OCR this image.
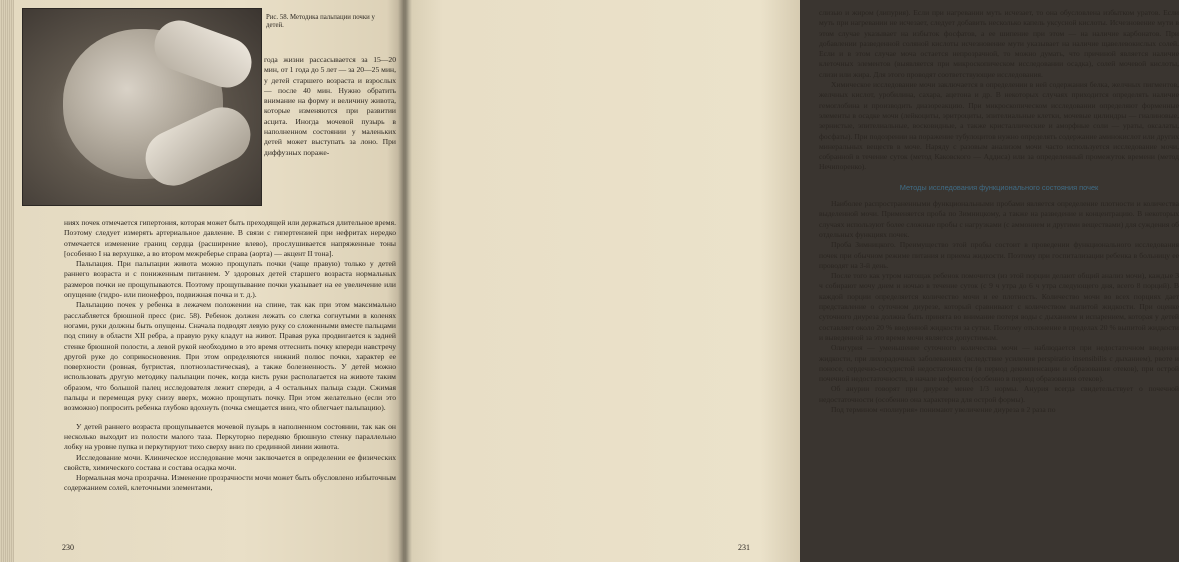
Рис. 58. Методика пальпации почки у детей.

года жизни рассасывается за 15—20 мин, от 1 года до 5 лет — за 20—25 мин, у детей старшего возраста и взрослых — после 40 мин. Нужно обратить внимание на форму и величину живота, которые изменяются при развитии асцита. Иногда мочевой пузырь в наполненном состоянии у маленьких детей может выступать за лоно. При диффузных пораже-

ниях почек отмечается гипертония, которая может быть преходящей или держаться длительное время. Поэтому следует измерять артериальное давление. В связи с гипертензией при нефритах нередко отмечается изменение границ сердца (расширение влево), прослушивается напряженные тоны [особенно I на верхушке, а во втором межреберье справа (аорта) — акцент II тона].

Пальпация. При пальпации живота можно прощупать почки (чаще правую) только у детей раннего возраста и с пониженным питанием. У здоровых детей старшего возраста нормальных размеров почки не прощупываются. Поэтому прощупывание почки указывает на ее увеличение или опущение (гидро- или пионефроз, подвижная почка и т. д.).

Пальпацию почек у ребенка в лежачем положении на спине, так как при этом максимально расслабляется брюшной пресс (рис. 58). Ребенок должен лежать со слегка согнутыми в коленях ногами, руки должны быть опущены. Сначала подводят левую руку со сложенными вместе пальцами под спину в области XII ребра, а правую руку кладут на живот. Правая рука продвигается к задней стенке брюшной полости, а левой рукой необходимо в это время оттеснить почку кпереди навстречу другой руке до соприкосновения. При этом определяются нижний полюс почки, характер ее поверхности (ровная, бугристая, плотноэластическая), а также болезненность. У детей можно использовать другую методику пальпации почек, когда кисть руки располагается на животе таким образом, что большой палец исследователя лежит спереди, а 4 остальных пальца сзади. Сжимая пальцы и перемещая руку снизу вверх, можно прощупать почку. При этом желательно (если это возможно) попросить ребенка глубоко вдохнуть (почка смещается вниз, что облегчает пальпацию).

У детей раннего возраста прощупывается мочевой пузырь в наполненном состоянии, так как он несколько выходит из полости малого таза. Перкуторно передняю брюшную стенку параллельно лобку на уровне пупка и перкутируют тихо сверху вниз по срединной линии живота.

Исследование мочи. Клиническое исследование мочи заключается в определении ее физических свойств, химического состава и состава осадка мочи.

Нормальная моча прозрачна. Изменение прозрачности мочи может быть обусловлено избыточным содержанием солей, клеточными элементами,

230

слизью и жиром (липурия). Если при нагревании муть исчезает, то она обусловлена избытком уратов. Если муть при нагревании не исчезает, следует добавить несколько капель уксусной кислоты. Исчезновение мути в этом случае указывает на избыток фосфатов, а ее шипение при этом — на наличие карбонатов. При добавлении разведенной соляной кислоты исчезновение мути указывает на наличие щавелевокислых солей. Если и в этом случае моча остается непрозрачной, то можно думать, что причиной является наличие клеточных элементов (выявляется при микроскопическом исследовании осадка), солей мочевой кислоты, слизи или жира. Для этого проводят соответствующие исследования.

Химическое исследование мочи заключается в определении в ней содержания белка, желчных пигментов, желчных кислот, уробилина, сахара, ацетона и др. В некоторых случаях приходится определять наличие гемоглобина и производить диазореакцию. При микроскопическом исследовании определяют форменные элементы в осадке мочи (лейкоциты, эритроциты, эпителиальные клетки, мочевые цилиндры — гиалиновые, зернистые, эпителиальные, восковидные, а также кристаллические и аморфные соли — ураты, оксалаты, фосфаты). При подозрении на поражение тубулоцитов нужно определять содержание аминокислот или других минеральных веществ в моче. Наряду с разовым анализом мочи часто используется исследование мочи, собранной в течение суток (метод Каковского — Аддиса) или за определенный промежуток времени (метод Нечипоренко).

Методы исследования функционального состояния почек

Наиболее распространенными функциональными пробами является определение плотности и количества выделенной мочи. Применяется проба по Зимницкому, а также на разведение и концентрацию. В некоторых случаях используют более сложные пробы с нагрузками (с аммонием и другими веществами) для суждения об отдельных функциях почек.

Проба Зимницкого. Преимущество этой пробы состоит в проведении функционального исследования почек при обычном режиме питания и приема жидкости. Поэтому при госпитализации ребенка в больницу ее проводят на 3-й день.

После того как утром натощак ребенок помочится (из этой порции делают общий анализ мочи), каждые 3 ч собирают мочу днем и ночью в течение суток (с 9 ч утра до 6 ч утра следующего дня, всего 8 порций). В каждой порции определяется количество мочи и ее плотность. Количество мочи во всех порциях дает представление о суточном диурезе, который сравнивают с количеством выпитой жидкости. При оценке суточного диуреза должна быть принята во внимание потеря воды с дыханием и испарением, которая у детей составляет около 20 % введенной жидкости за сутки. Поэтому отклонение в пределах 20 % выпитой жидкости и выведенной за это время мочи является допустимым.

Олигурия — уменьшение суточного количества мочи — наблюдается при недостаточном введении жидкости, при лихорадочных заболеваниях (вследствие усиления perspiratio insensibilis с дыханием), рвоте и поносе, сердечно-сосудистой недостаточности (в период декомпенсации и образования отеков), при острой почечной недостаточности, в начале нефритов (особенно в период образования отеков).

Об анурии говорят при диурезе менее 1/3 нормы. Анурия всегда свидетельствует о почечной недостаточности (особенно она характерна для острой формы).

Под термином «полиурия» понимают увеличение диуреза в 2 раза по

231
